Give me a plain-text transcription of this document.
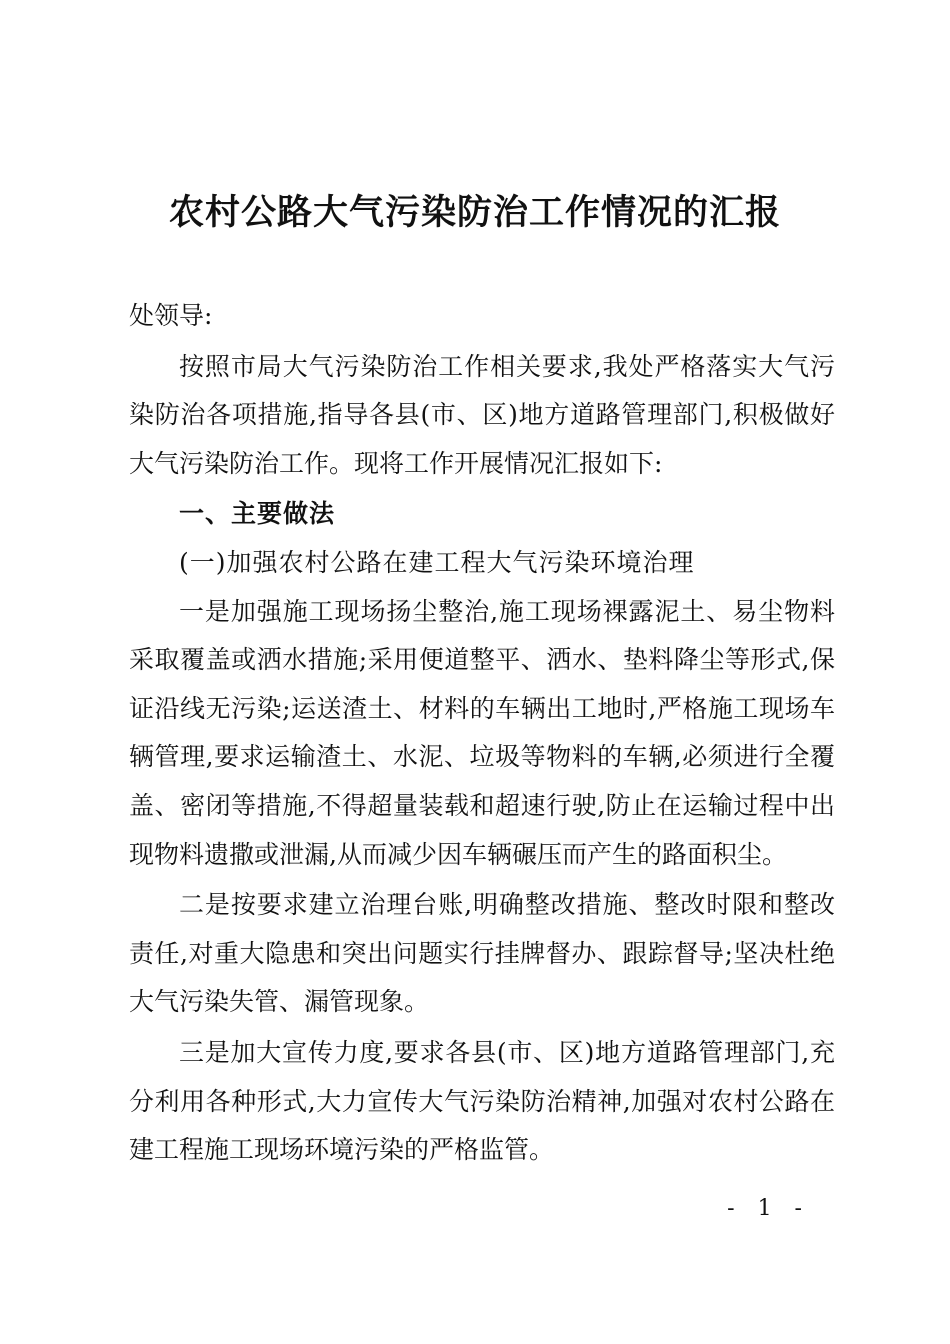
农村公路大气污染防治工作情况的汇报

处领导:

按照市局大气污染防治工作相关要求,我处严格落实大气污染防治各项措施,指导各县(市、区)地方道路管理部门,积极做好大气污染防治工作。现将工作开展情况汇报如下:

一、主要做法

(一)加强农村公路在建工程大气污染环境治理

一是加强施工现场扬尘整治,施工现场裸露泥土、易尘物料采取覆盖或洒水措施;采用便道整平、洒水、垫料降尘等形式,保证沿线无污染;运送渣土、材料的车辆出工地时,严格施工现场车辆管理,要求运输渣土、水泥、垃圾等物料的车辆,必须进行全覆盖、密闭等措施,不得超量装载和超速行驶,防止在运输过程中出现物料遗撒或泄漏,从而减少因车辆碾压而产生的路面积尘。

二是按要求建立治理台账,明确整改措施、整改时限和整改责任,对重大隐患和突出问题实行挂牌督办、跟踪督导;坚决杜绝大气污染失管、漏管现象。

三是加大宣传力度,要求各县(市、区)地方道路管理部门,充分利用各种形式,大力宣传大气污染防治精神,加强对农村公路在建工程施工现场环境污染的严格监管。

- 1 -
